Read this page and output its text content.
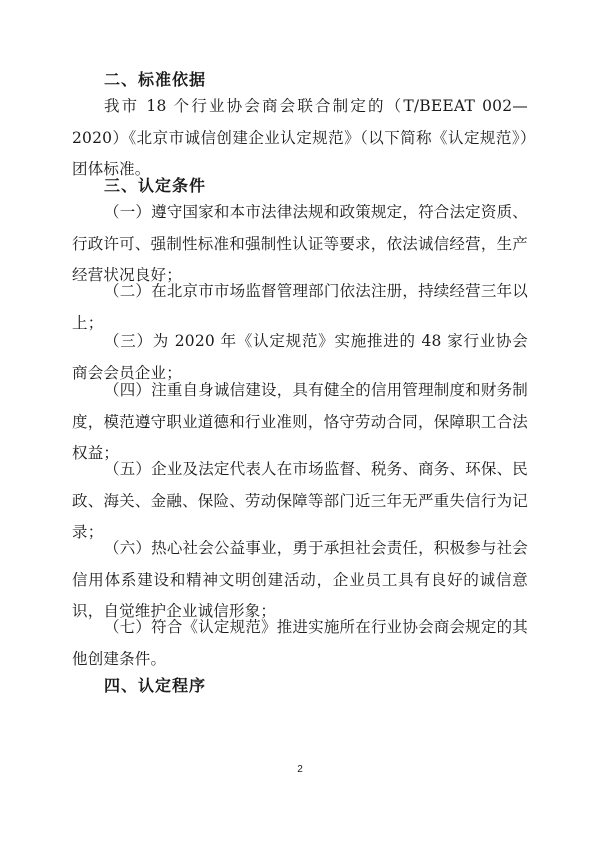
二、标准依据
我市 18 个行业协会商会联合制定的（T/BEEAT 002—2020）《北京市诚信创建企业认定规范》（以下简称《认定规范》）团体标准。
三、认定条件
（一）遵守国家和本市法律法规和政策规定，符合法定资质、行政许可、强制性标准和强制性认证等要求，依法诚信经营，生产经营状况良好；
（二）在北京市市场监督管理部门依法注册，持续经营三年以上；
（三）为 2020 年《认定规范》实施推进的 48 家行业协会商会会员企业；
（四）注重自身诚信建设，具有健全的信用管理制度和财务制度，模范遵守职业道德和行业准则，恪守劳动合同，保障职工合法权益；
（五）企业及法定代表人在市场监督、税务、商务、环保、民政、海关、金融、保险、劳动保障等部门近三年无严重失信行为记录；
（六）热心社会公益事业，勇于承担社会责任，积极参与社会信用体系建设和精神文明创建活动，企业员工具有良好的诚信意识，自觉维护企业诚信形象；
（七）符合《认定规范》推进实施所在行业协会商会规定的其他创建条件。
四、认定程序
2
